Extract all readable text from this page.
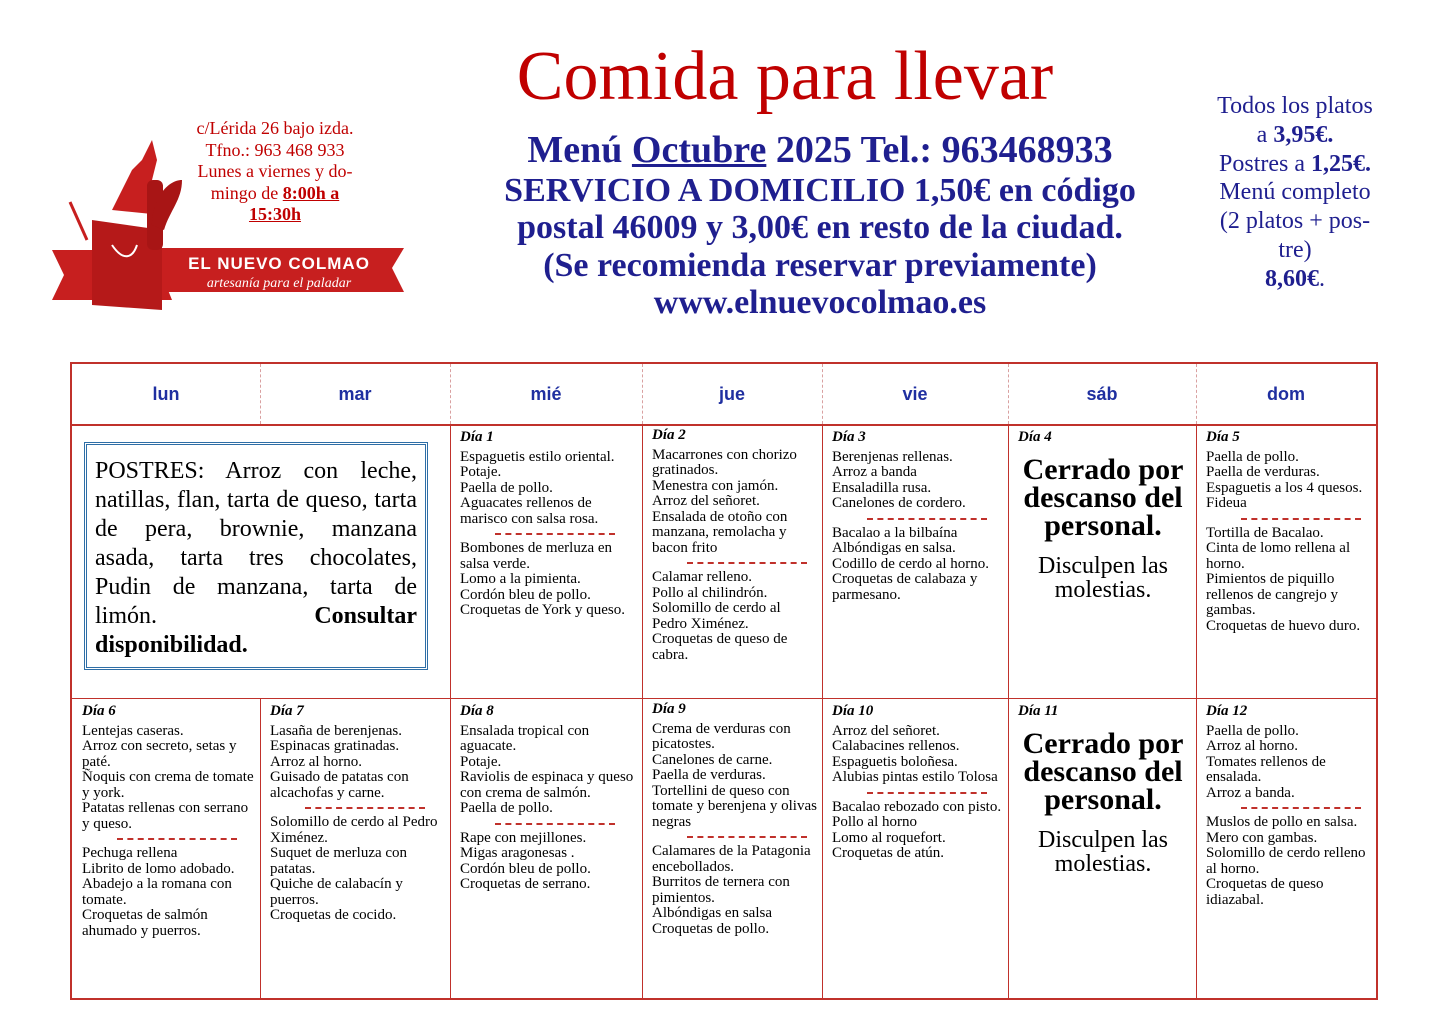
Comida para llevar
Menú Octubre 2025 Tel.: 963468933
SERVICIO A DOMICILIO 1,50€ en código
postal 46009 y 3,00€ en resto de la ciudad.
(Se recomienda reservar previamente)
www.elnuevocolmao.es
c/Lérida 26 bajo izda.
Tfno.: 963 468 933
Lunes a viernes y do-
mingo de 8:00h a
15:30h
EL NUEVO COLMAO
artesanía para el paladar
Todos los platos
a 3,95€.
Postres a 1,25€.
Menú completo
(2 platos + pos-
tre)
8,60€.
lun	mar	mié	jue	vie	sáb	dom
POSTRES: Arroz con leche, natillas, flan, tarta de queso, tarta de pera, brownie, manzana asada, tarta tres chocolates, Pudin de manzana, tarta de limón. Consultar disponibilidad.
Día 1
Espaguetis estilo oriental.
Potaje.
Paella de pollo.
Aguacates rellenos de marisco con salsa rosa.
Bombones de merluza en salsa verde.
Lomo a la pimienta.
Cordón bleu de pollo.
Croquetas de York y queso.
Día 2
Macarrones con chorizo gratinados.
Menestra con jamón.
Arroz del señoret.
Ensalada de otoño con manzana, remolacha y bacon frito
Calamar relleno.
Pollo al chilindrón.
Solomillo de cerdo al Pedro Ximénez.
Croquetas de queso de cabra.
Día 3
Berenjenas rellenas.
Arroz a banda
Ensaladilla rusa.
Canelones de cordero.
Bacalao a la bilbaína
Albóndigas en salsa.
Codillo de cerdo al horno.
Croquetas de calabaza y parmesano.
Día 4
Cerrado por descanso del personal.
Disculpen las molestias.
Día 5
Paella de pollo.
Paella de verduras.
Espaguetis a los 4 quesos.
Fideua
Tortilla de Bacalao.
Cinta de lomo rellena al horno.
Pimientos de piquillo rellenos de cangrejo y gambas.
Croquetas de huevo duro.
Día 6
Lentejas caseras.
Arroz con secreto, setas y paté.
Ñoquis con crema de tomate y york.
Patatas rellenas con serrano y queso.
Pechuga rellena
Librito de lomo adobado.
Abadejo a la romana con tomate.
Croquetas de salmón ahumado y puerros.
Día 7
Lasaña de berenjenas.
Espinacas gratinadas.
Arroz al horno.
Guisado de patatas con alcachofas y carne.
Solomillo de cerdo al Pedro Ximénez.
Suquet de merluza con patatas.
Quiche de calabacín y puerros.
Croquetas de cocido.
Día 8
Ensalada tropical con aguacate.
Potaje.
Raviolis de espinaca y queso con crema de salmón.
Paella de pollo.
Rape con mejillones.
Migas aragonesas .
Cordón bleu de pollo.
Croquetas de serrano.
Día 9
Crema de verduras con picatostes.
Canelones de carne.
Paella de verduras.
Tortellini de queso con tomate y berenjena y olivas negras
Calamares de la Patagonia encebollados.
Burritos de ternera con pimientos.
Albóndigas en salsa
Croquetas de pollo.
Día 10
Arroz del señoret.
Calabacines rellenos.
Espaguetis boloñesa.
Alubias pintas estilo Tolosa
Bacalao rebozado con pisto.
Pollo al horno
Lomo al roquefort.
Croquetas de atún.
Día 11
Cerrado por descanso del personal.
Disculpen las molestias.
Día 12
Paella de pollo.
Arroz al horno.
Tomates rellenos de ensalada.
Arroz a banda.
Muslos de pollo en salsa.
Mero con gambas.
Solomillo de cerdo relleno al horno.
Croquetas de queso idiazabal.
